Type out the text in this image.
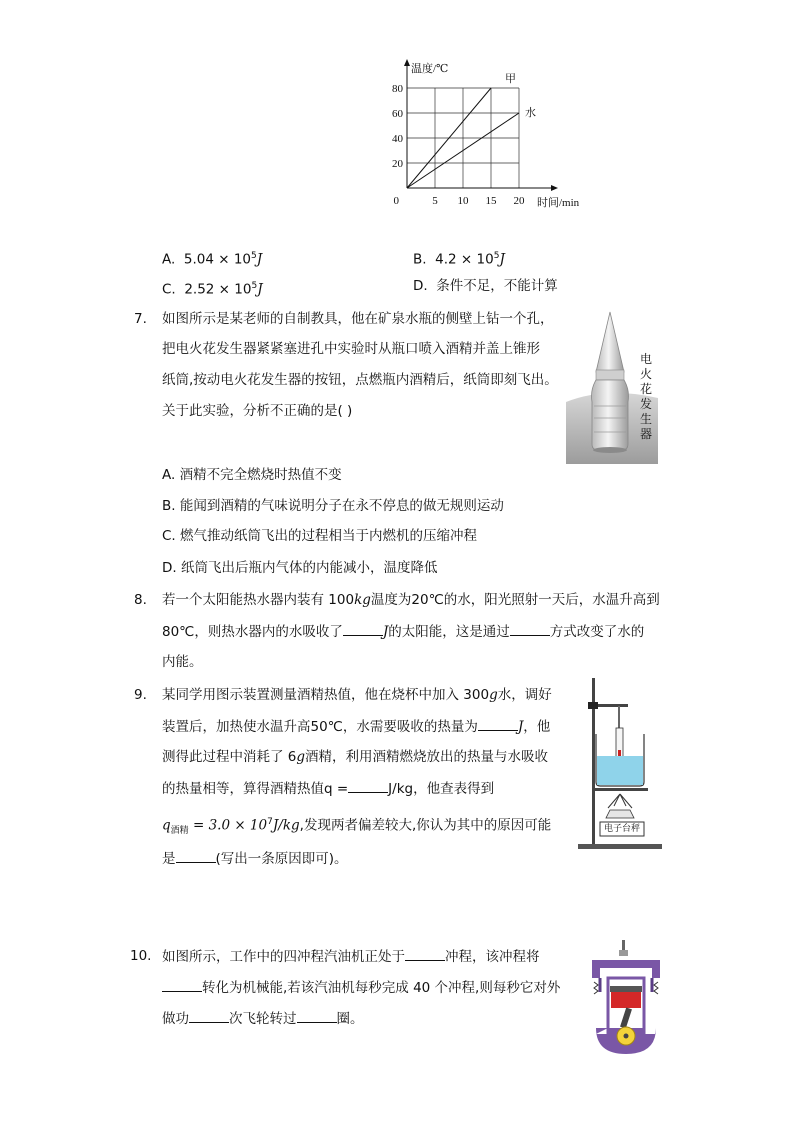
甲
水
5 10 15 20
20
40
60
80
0
温度/℃
时间/min
A. $5.04 \times 10^5J$	B. $4.2 \times 10^5J$
C. $2.52 \times 10^5J$	D. 条件不足，不能计算
7. 如图所示是某老师的自制教具，他在矿泉水瓶的侧壁上钻一个孔，
把电火花发生器紧紧塞进孔中实验时从瓶口喷入酒精并盖上锥形
纸筒,按动电火花发生器的按钮，点燃瓶内酒精后，纸筒即刻飞出。
关于此实验，分析不正确的是( )
电火花发生器
A. 酒精不完全燃烧时热值不变
B. 能闻到酒精的气味说明分子在永不停息的做无规则运动
C. 燃气推动纸筒飞出的过程相当于内燃机的压缩冲程
D. 纸筒飞出后瓶内气体的内能减小，温度降低
8. 若一个太阳能热水器内装有 100kg温度为20℃的水，阳光照射一天后，水温升高到
80℃，则热水器内的水吸收了	J的太阳能，这是通过	方式改变了水的
内能。
9. 某同学用图示装置测量酒精热值，他在烧杯中加入 300g水，调好
装置后，加热使水温升高50℃，水需要吸收的热量为	J，他
测得此过程中消耗了 6g酒精，利用酒精燃烧放出的热量与水吸收
的热量相等，算得酒精热值q =	J/kg，他查表得到
$q_{酒精} = 3.0 \times 10^7J/kg$,发现两者偏差较大,你认为其中的原因可能
是	(写出一条原因即可)。
电子台秤
10. 如图所示，工作中的四冲程汽油机正处于	冲程，该冲程将
转化为机械能,若该汽油机每秒完成 40 个冲程,则每秒它对外
做功	次飞轮转过	圈。
